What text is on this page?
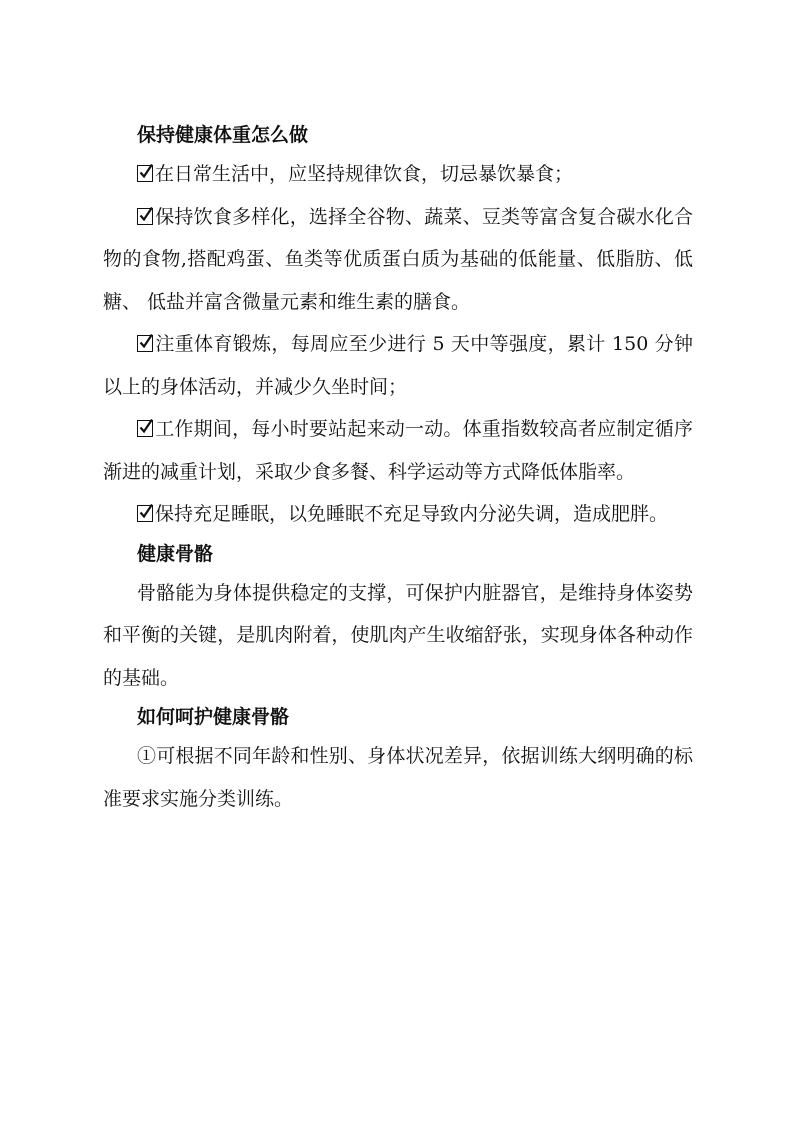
保持健康体重怎么做

在日常生活中，应坚持规律饮食，切忌暴饮暴食；

保持饮食多样化，选择全谷物、蔬菜、豆类等富含复合碳水化合物的食物,搭配鸡蛋、鱼类等优质蛋白质为基础的低能量、低脂肪、低糖、 低盐并富含微量元素和维生素的膳食。

注重体育锻炼，每周应至少进行 5 天中等强度，累计 150 分钟以上的身体活动，并减少久坐时间；

工作期间，每小时要站起来动一动。体重指数较高者应制定循序渐进的减重计划，采取少食多餐、科学运动等方式降低体脂率。

保持充足睡眠，以免睡眠不充足导致内分泌失调，造成肥胖。

健康骨骼

骨骼能为身体提供稳定的支撑，可保护内脏器官，是维持身体姿势和平衡的关键，是肌肉附着，使肌肉产生收缩舒张，实现身体各种动作的基础。

如何呵护健康骨骼

①可根据不同年龄和性别、身体状况差异，依据训练大纲明确的标准要求实施分类训练。
